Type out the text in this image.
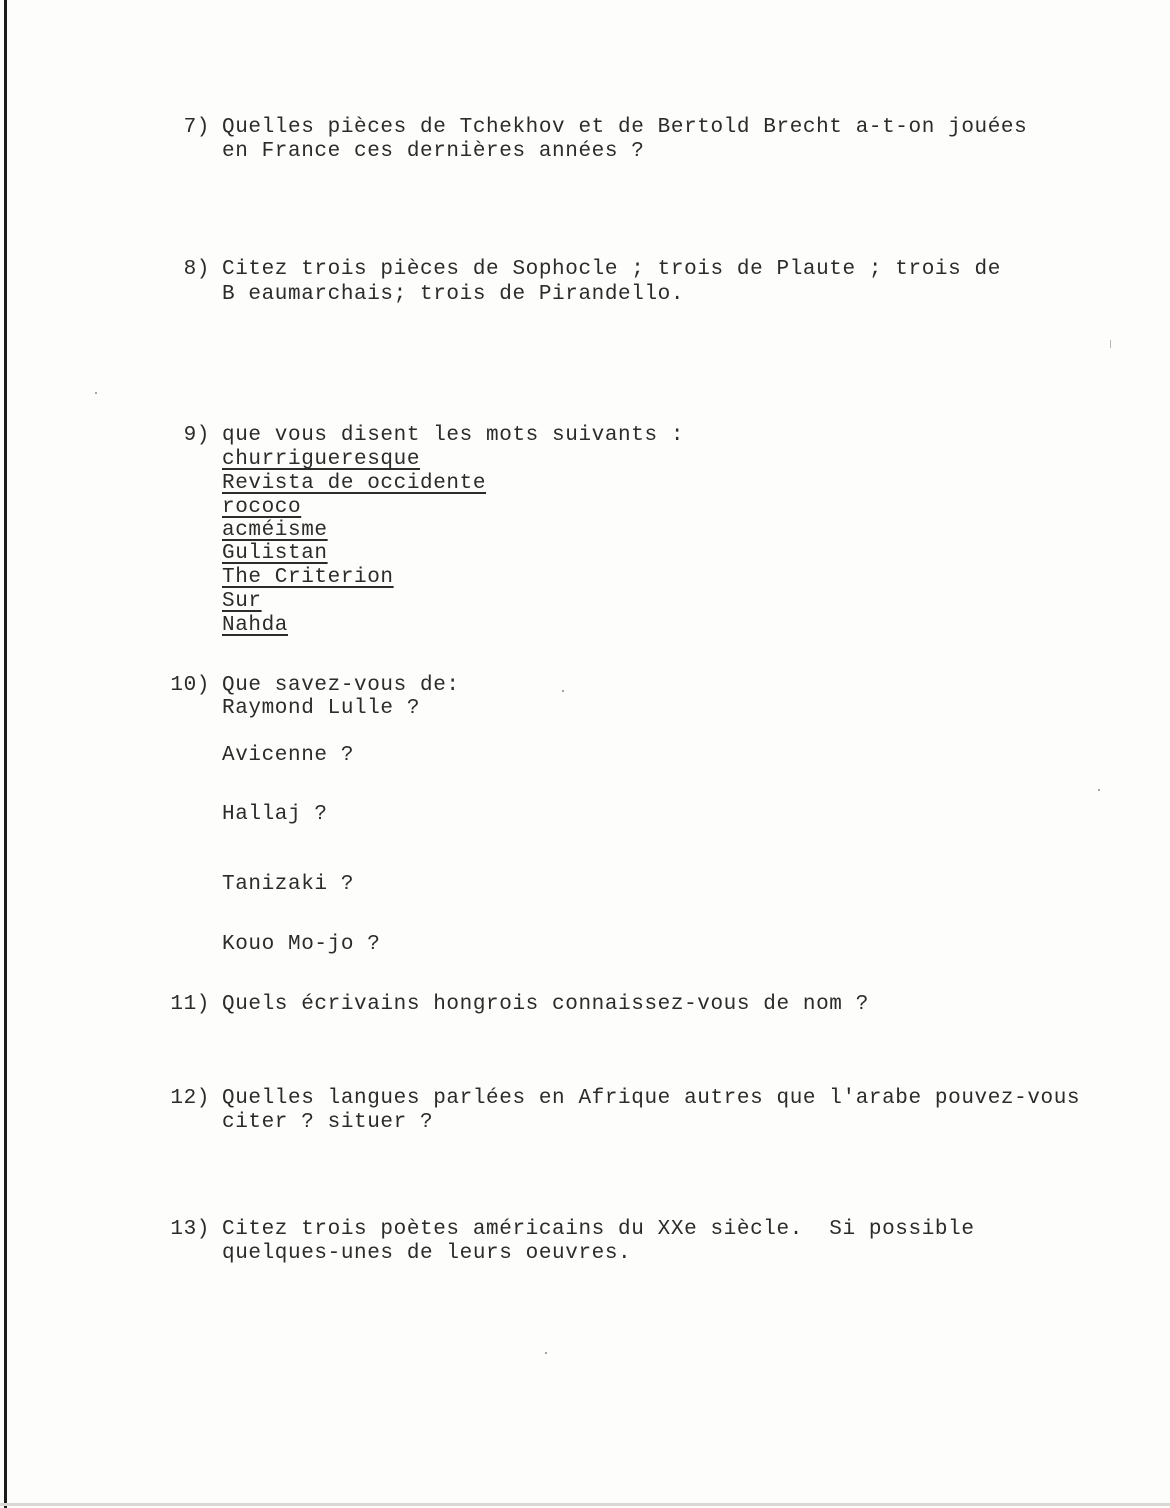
7) Quelles pièces de Tchekhov et de Bertold Brecht a-t-on jouées
en France ces dernières années ?
8) Citez trois pièces de Sophocle ; trois de Plaute ; trois de
B eaumarchais; trois de Pirandello.
9) que vous disent les mots suivants :
churrigueresque
Revista de occidente
rococo
acméisme
Gulistan
The Criterion
Sur
Nahda
10) Que savez-vous de:
Raymond Lulle ?
Avicenne ?
Hallaj ?
Tanizaki ?
Kouo Mo-jo ?
11) Quels écrivains hongrois connaissez-vous de nom ?
12) Quelles langues parlées en Afrique autres que l'arabe pouvez-vous
citer ? situer ?
13) Citez trois poètes américains du XXe siècle.  Si possible
quelques-unes de leurs oeuvres.
